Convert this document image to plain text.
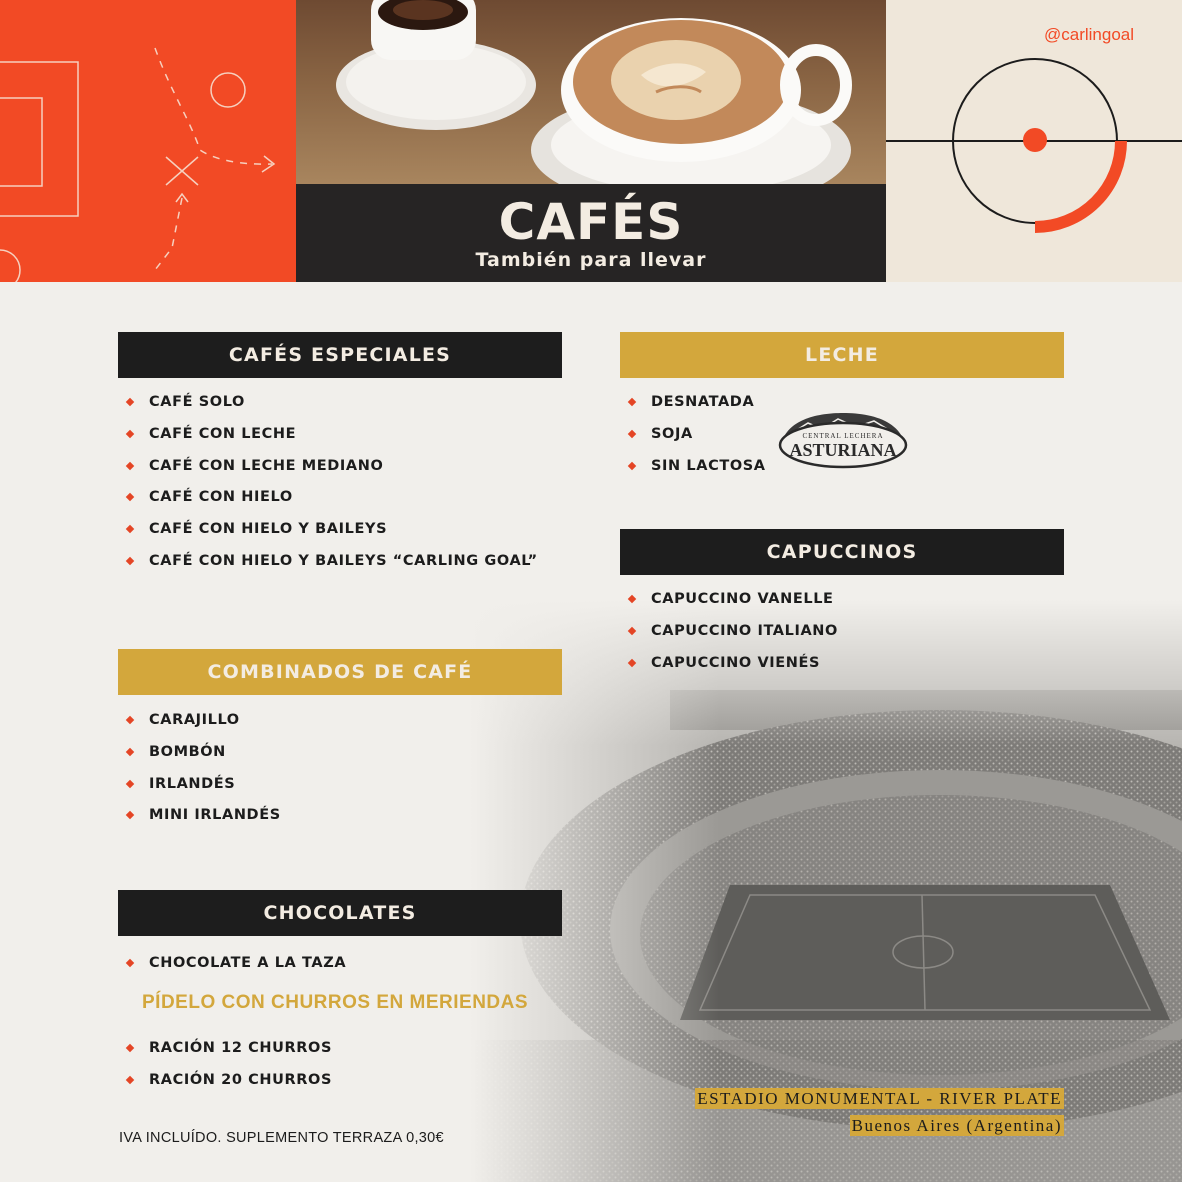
CAFÉS
También para llevar
@carlingoal
CAFÉS ESPECIALES
CAFÉ SOLO
CAFÉ CON LECHE
CAFÉ CON LECHE MEDIANO
CAFÉ CON HIELO
CAFÉ CON HIELO Y BAILEYS
CAFÉ CON HIELO Y BAILEYS “CARLING GOAL”
COMBINADOS DE CAFÉ
CARAJILLO
BOMBÓN
IRLANDÉS
MINI IRLANDÉS
CHOCOLATES
CHOCOLATE A LA TAZA
PÍDELO CON CHURROS EN MERIENDAS
RACIÓN 12 CHURROS
RACIÓN 20 CHURROS
IVA INCLUÍDO. SUPLEMENTO TERRAZA 0,30€
LECHE
DESNATADA
SOJA
SIN LACTOSA
CENTRAL LECHERA
ASTURIANA
CAPUCCINOS
CAPUCCINO VANELLE
CAPUCCINO ITALIANO
CAPUCCINO VIENÉS
ESTADIO MONUMENTAL - RIVER PLATE
Buenos Aires (Argentina)
